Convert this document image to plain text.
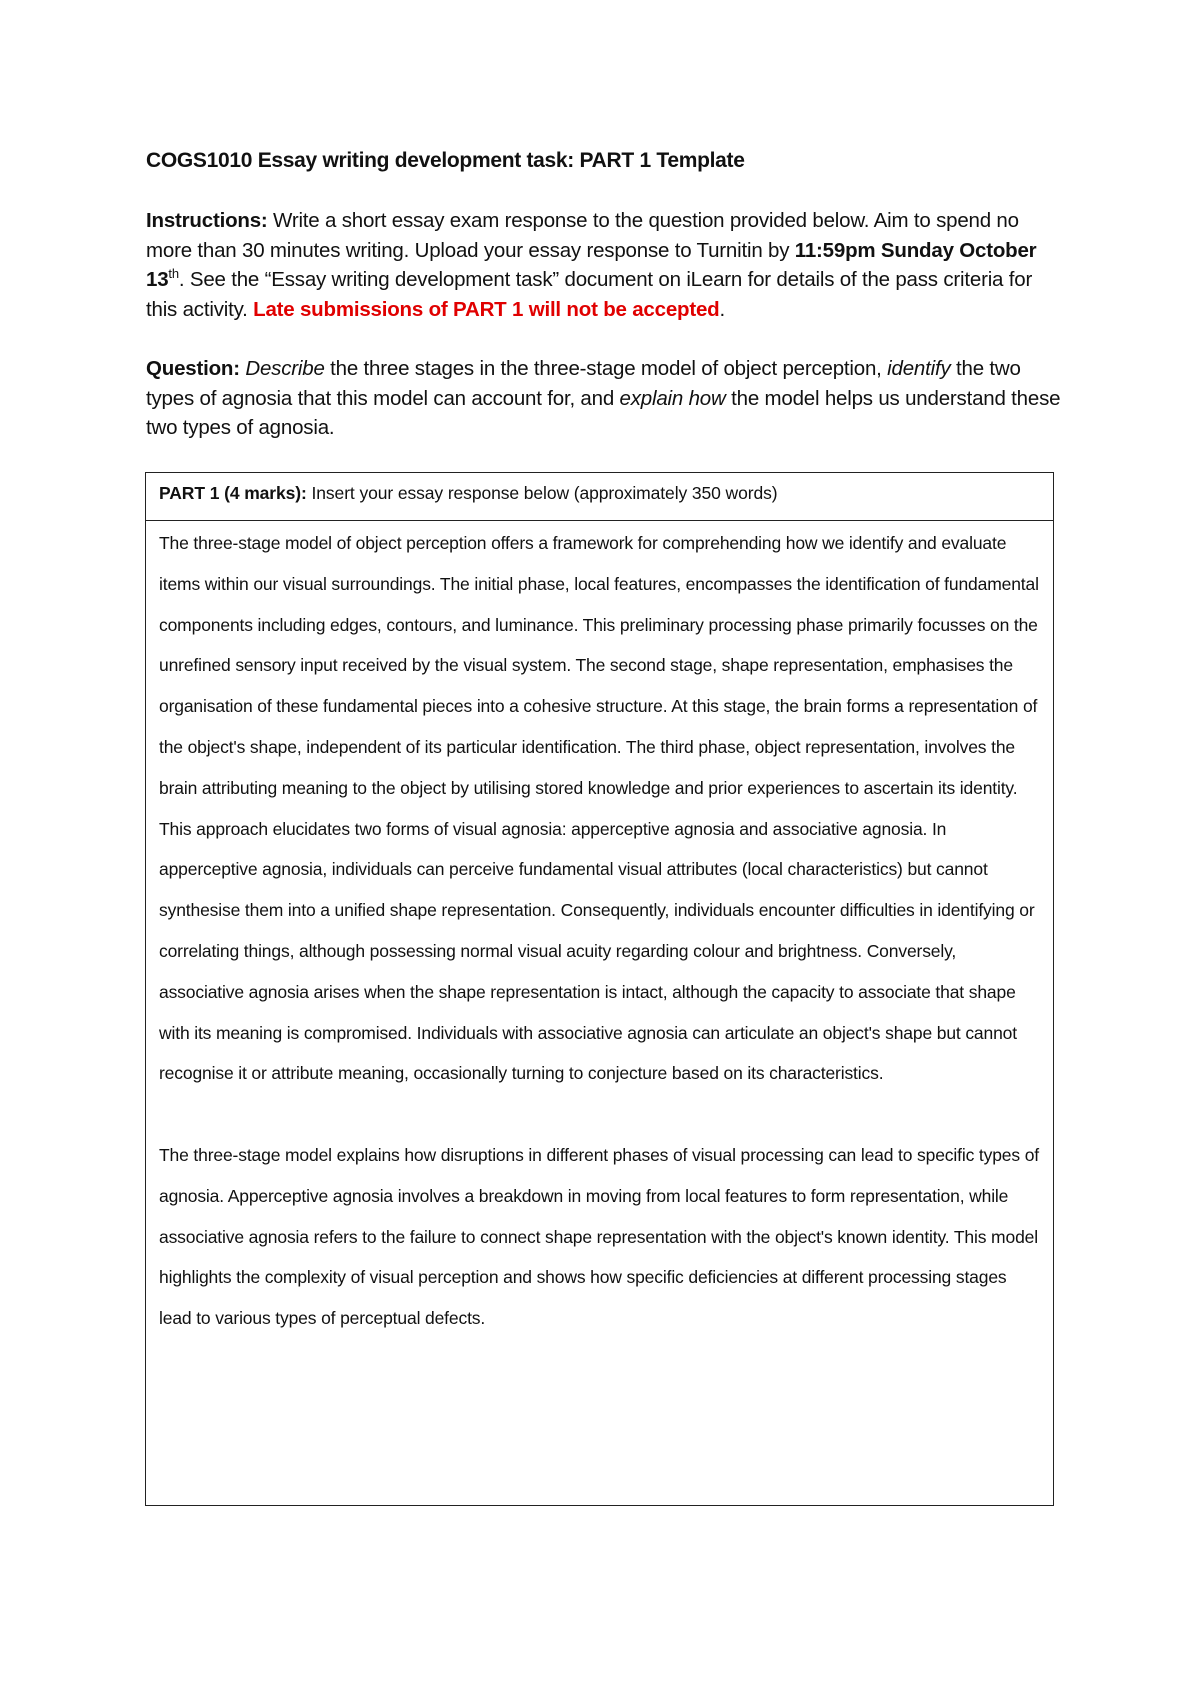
COGS1010 Essay writing development task: PART 1 Template
Instructions: Write a short essay exam response to the question provided below. Aim to spend no more than 30 minutes writing. Upload your essay response to Turnitin by 11:59pm Sunday October 13th. See the “Essay writing development task” document on iLearn for details of the pass criteria for this activity. Late submissions of PART 1 will not be accepted.
Question: Describe the three stages in the three-stage model of object perception, identify the two types of agnosia that this model can account for, and explain how the model helps us understand these two types of agnosia.
PART 1 (4 marks): Insert your essay response below (approximately 350 words)

The three-stage model of object perception offers a framework for comprehending how we identify and evaluate items within our visual surroundings. The initial phase, local features, encompasses the identification of fundamental components including edges, contours, and luminance. This preliminary processing phase primarily focusses on the unrefined sensory input received by the visual system. The second stage, shape representation, emphasises the organisation of these fundamental pieces into a cohesive structure. At this stage, the brain forms a representation of the object's shape, independent of its particular identification. The third phase, object representation, involves the brain attributing meaning to the object by utilising stored knowledge and prior experiences to ascertain its identity. This approach elucidates two forms of visual agnosia: apperceptive agnosia and associative agnosia. In apperceptive agnosia, individuals can perceive fundamental visual attributes (local characteristics) but cannot synthesise them into a unified shape representation. Consequently, individuals encounter difficulties in identifying or correlating things, although possessing normal visual acuity regarding colour and brightness. Conversely, associative agnosia arises when the shape representation is intact, although the capacity to associate that shape with its meaning is compromised. Individuals with associative agnosia can articulate an object's shape but cannot recognise it or attribute meaning, occasionally turning to conjecture based on its characteristics.

The three-stage model explains how disruptions in different phases of visual processing can lead to specific types of agnosia. Apperceptive agnosia involves a breakdown in moving from local features to form representation, while associative agnosia refers to the failure to connect shape representation with the object's known identity. This model highlights the complexity of visual perception and shows how specific deficiencies at different processing stages lead to various types of perceptual defects.
